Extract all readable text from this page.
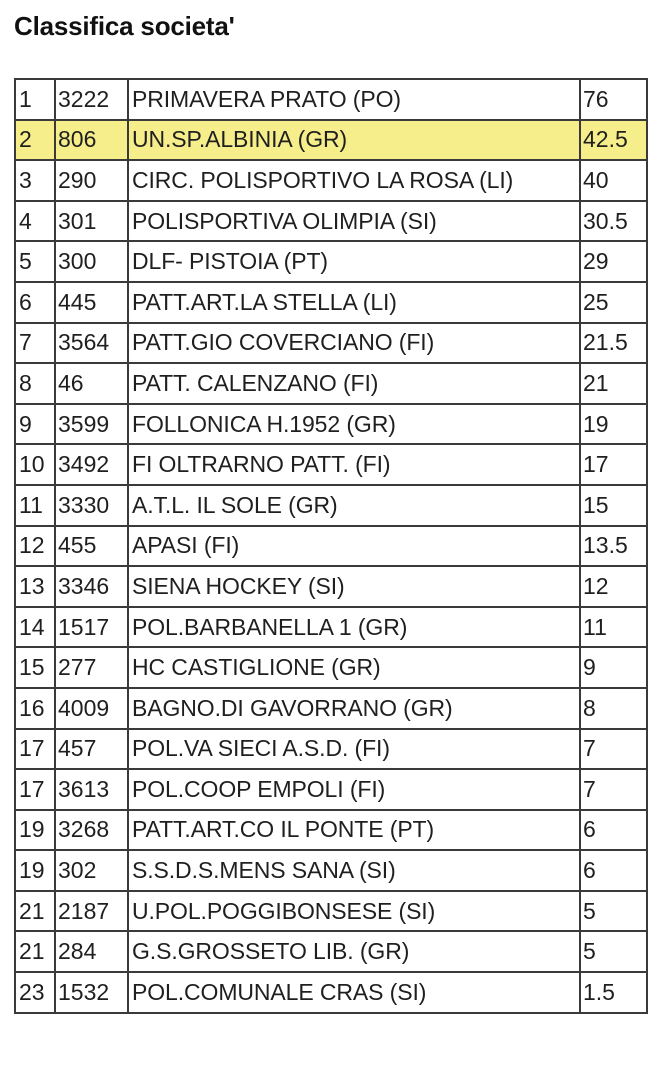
Classifica societa'
1	3222	PRIMAVERA PRATO (PO)	76
2	806	UN.SP.ALBINIA (GR)	42.5
3	290	CIRC. POLISPORTIVO LA ROSA (LI)	40
4	301	POLISPORTIVA OLIMPIA (SI)	30.5
5	300	DLF- PISTOIA (PT)	29
6	445	PATT.ART.LA STELLA (LI)	25
7	3564	PATT.GIO COVERCIANO (FI)	21.5
8	46	PATT. CALENZANO (FI)	21
9	3599	FOLLONICA H.1952 (GR)	19
10	3492	FI OLTRARNO PATT. (FI)	17
11	3330	A.T.L. IL SOLE (GR)	15
12	455	APASI (FI)	13.5
13	3346	SIENA HOCKEY (SI)	12
14	1517	POL.BARBANELLA 1 (GR)	11
15	277	HC CASTIGLIONE (GR)	9
16	4009	BAGNO.DI GAVORRANO (GR)	8
17	457	POL.VA SIECI A.S.D. (FI)	7
17	3613	POL.COOP EMPOLI (FI)	7
19	3268	PATT.ART.CO IL PONTE (PT)	6
19	302	S.S.D.S.MENS SANA (SI)	6
21	2187	U.POL.POGGIBONSESE (SI)	5
21	284	G.S.GROSSETO LIB. (GR)	5
23	1532	POL.COMUNALE CRAS (SI)	1.5
